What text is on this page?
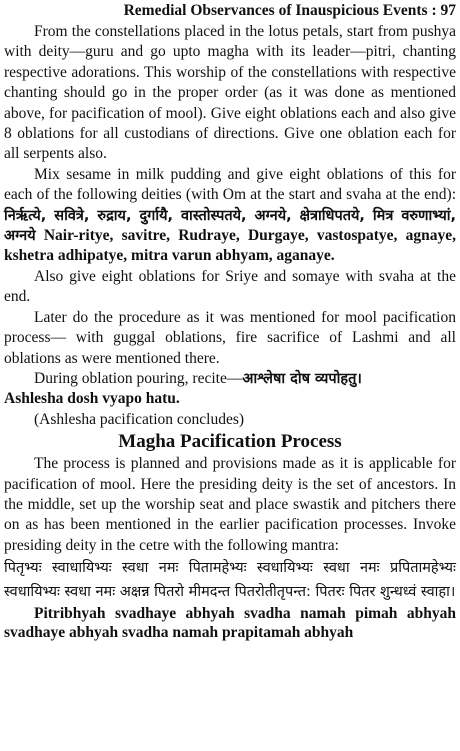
Remedial Observances of Inauspicious Events : 97

From the constellations placed in the lotus petals, start from pushya with deity—guru and go upto magha with its leader—pitri, chanting respective adorations. This worship of the constellations with respective chanting should go in the proper order (as it was done as mentioned above, for pacification of mool). Give eight oblations each and also give 8 oblations for all custodians of directions. Give one oblation each for all serpents also.

Mix sesame in milk pudding and give eight oblations of this for each of the following deities (with Om at the start and svaha at the end): निर्ऋत्ये, सवित्रे, रुद्राय, दुर्गायै, वास्तोस्पतये, अग्नये, क्षेत्राधिपतये, मित्र वरुणाभ्यां, अग्नये Nair-ritye, savitre, Rudraye, Durgaye, vastospatye, agnaye, kshetra adhipatye, mitra varun abhyam, aganaye.

Also give eight oblations for Sriye and somaye with svaha at the end.

Later do the procedure as it was mentioned for mool pacification process— with guggal oblations, fire sacrifice of Lashmi and all oblations as were mentioned there.

During oblation pouring, recite—आश्लेषा दोष व्यपोहतु।

Ashlesha dosh vyapo hatu.

(Ashlesha pacification concludes)

Magha Pacification Process

The process is planned and provisions made as it is applicable for pacification of mool. Here the presiding deity is the set of ancestors. In the middle, set up the worship seat and place swastik and pitchers there on as has been mentioned in the earlier pacification processes. Invoke presiding deity in the cetre with the following mantra:

पितृभ्यः स्वाधायिभ्यः स्वधा नमः पितामहेभ्यः स्वधायिभ्यः स्वधा नमः प्रपितामहेभ्यः स्वधायिभ्यः स्वधा नमः अक्षन्न पितरो मीमदन्त पितरोतीतृपन्त: पितरः पितर शुन्धध्वं स्वाहा।

Pitribhyah svadhaye abhyah svadha namah pimah abhyah svadhaye abhyah svadha namah prapitamah abhyah
